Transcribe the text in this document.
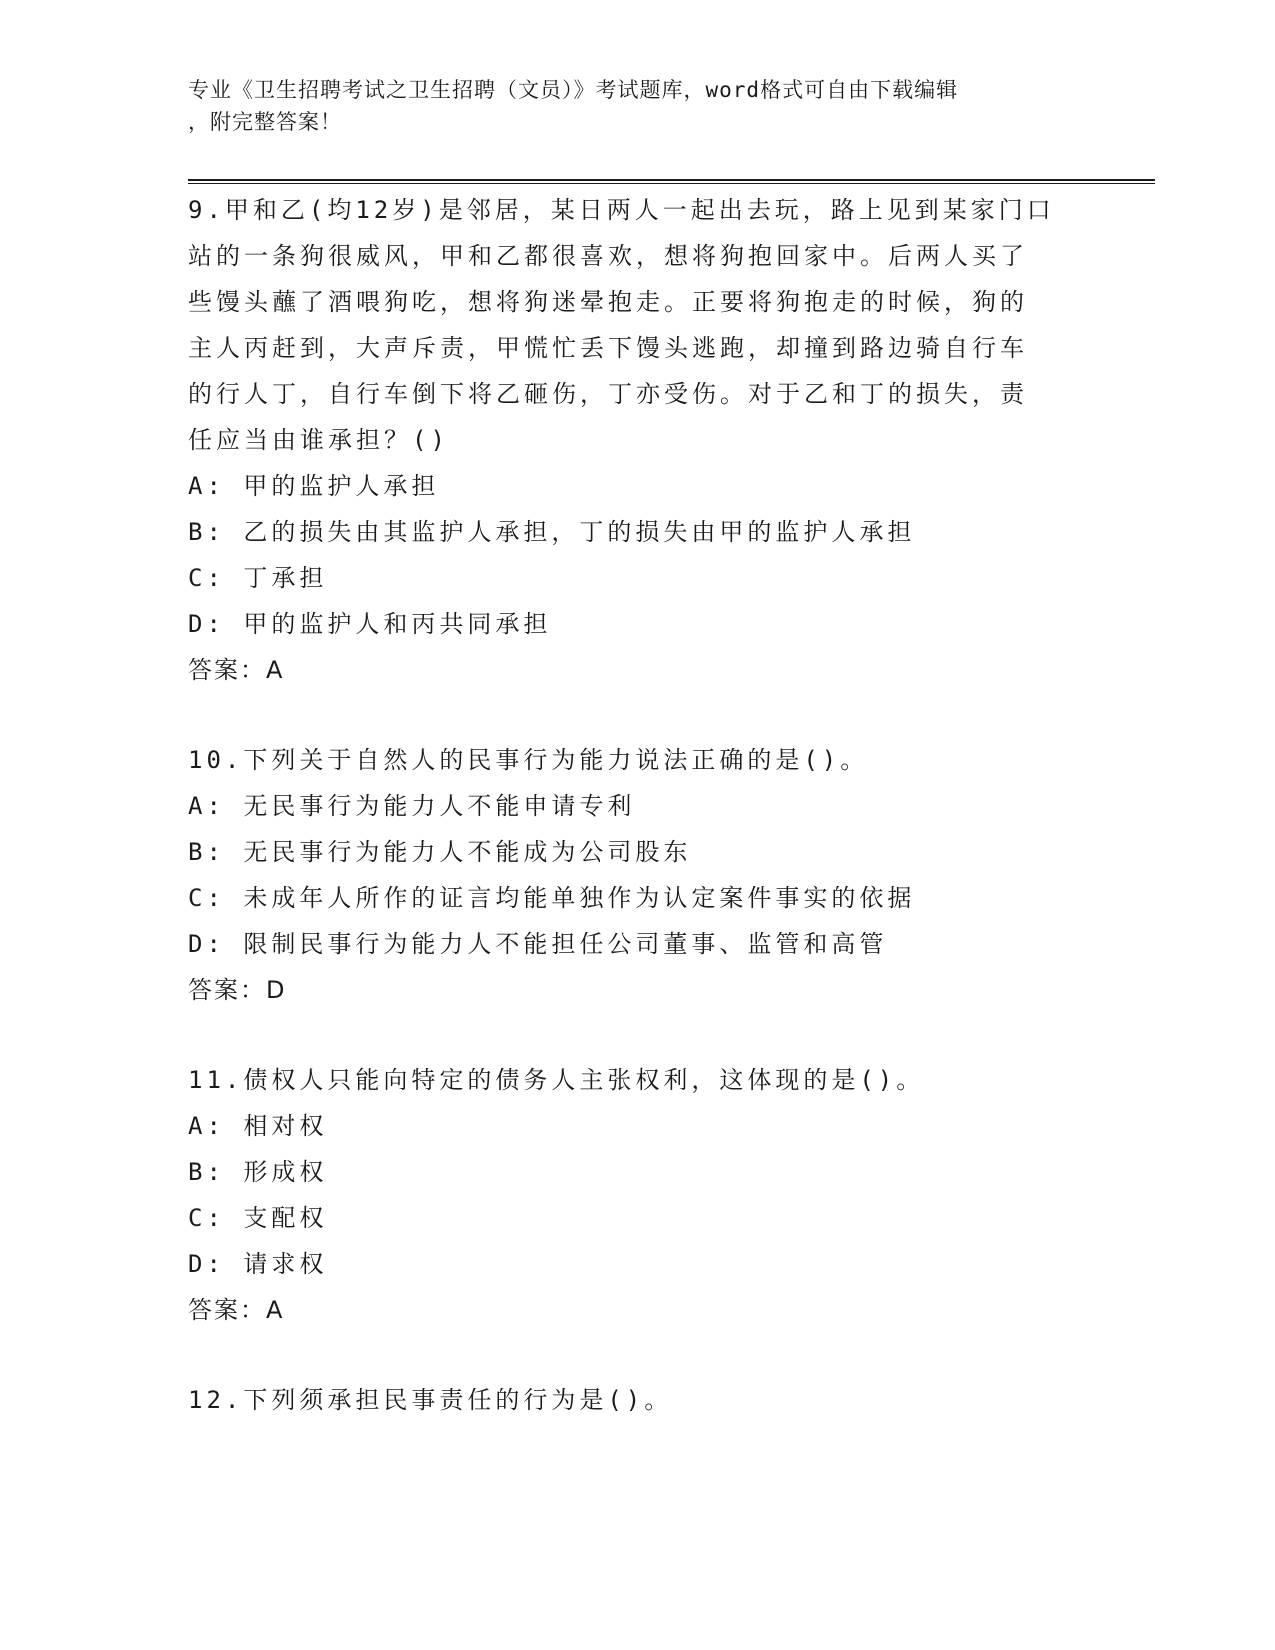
专业《卫生招聘考试之卫生招聘（文员）》考试题库，word格式可自由下载编辑
，附完整答案！
9.甲和乙(均12岁)是邻居，某日两人一起出去玩，路上见到某家门口
站的一条狗很威风，甲和乙都很喜欢，想将狗抱回家中。后两人买了
些馒头蘸了酒喂狗吃，想将狗迷晕抱走。正要将狗抱走的时候，狗的
主人丙赶到，大声斥责，甲慌忙丢下馒头逃跑，却撞到路边骑自行车
的行人丁，自行车倒下将乙砸伤，丁亦受伤。对于乙和丁的损失，责
任应当由谁承担？()
A: 甲的监护人承担
B: 乙的损失由其监护人承担，丁的损失由甲的监护人承担
C: 丁承担
D: 甲的监护人和丙共同承担
答案：A
10.下列关于自然人的民事行为能力说法正确的是()。
A: 无民事行为能力人不能申请专利
B: 无民事行为能力人不能成为公司股东
C: 未成年人所作的证言均能单独作为认定案件事实的依据
D: 限制民事行为能力人不能担任公司董事、监管和高管
答案：D
11.债权人只能向特定的债务人主张权利，这体现的是()。
A: 相对权
B: 形成权
C: 支配权
D: 请求权
答案：A
12.下列须承担民事责任的行为是()。
